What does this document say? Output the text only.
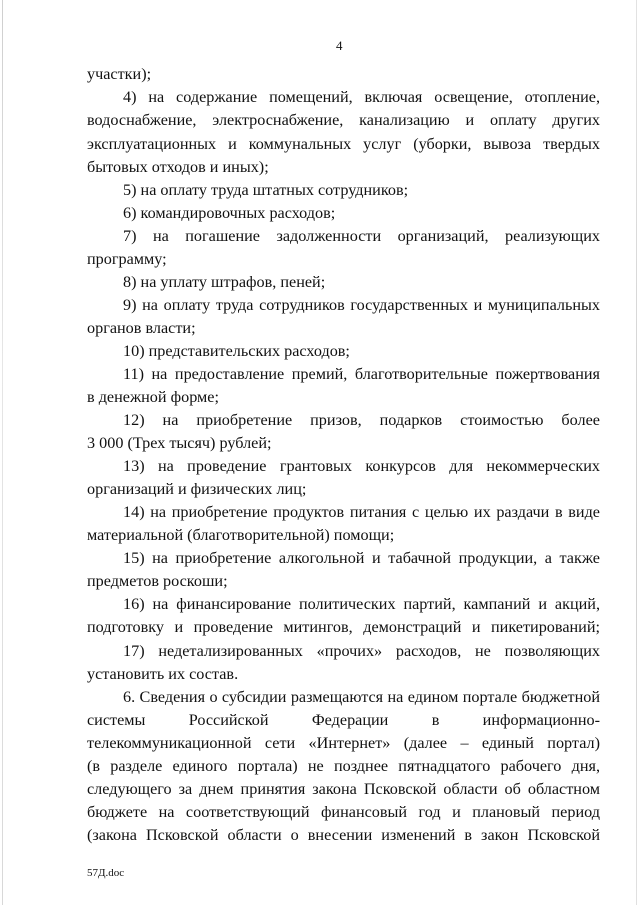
4
участки);
4) на содержание помещений, включая освещение, отопление,
водоснабжение, электроснабжение, канализацию и оплату других
эксплуатационных и коммунальных услуг (уборки, вывоза твердых
бытовых отходов и иных);
5) на оплату труда штатных сотрудников;
6) командировочных расходов;
7) на погашение задолженности организаций, реализующих
программу;
8) на уплату штрафов, пеней;
9) на оплату труда сотрудников государственных и муниципальных
органов власти;
10) представительских расходов;
11) на предоставление премий, благотворительные пожертвования
в денежной форме;
12) на приобретение призов, подарков стоимостью более
3 000 (Трех тысяч) рублей;
13) на проведение грантовых конкурсов для некоммерческих
организаций и физических лиц;
14) на приобретение продуктов питания с целью их раздачи в виде
материальной (благотворительной) помощи;
15) на приобретение алкогольной и табачной продукции, а также
предметов роскоши;
16) на финансирование политических партий, кампаний и акций,
подготовку и проведение митингов, демонстраций и пикетирований;
17) недетализированных «прочих» расходов, не позволяющих
установить их состав.
6. Сведения о субсидии размещаются на едином портале бюджетной
системы Российской Федерации в информационно-
телекоммуникационной сети «Интернет» (далее – единый портал)
(в разделе единого портала) не позднее пятнадцатого рабочего дня,
следующего за днем принятия закона Псковской области об областном
бюджете на соответствующий финансовый год и плановый период
(закона Псковской области о внесении изменений в закон Псковской
57Д.doc
